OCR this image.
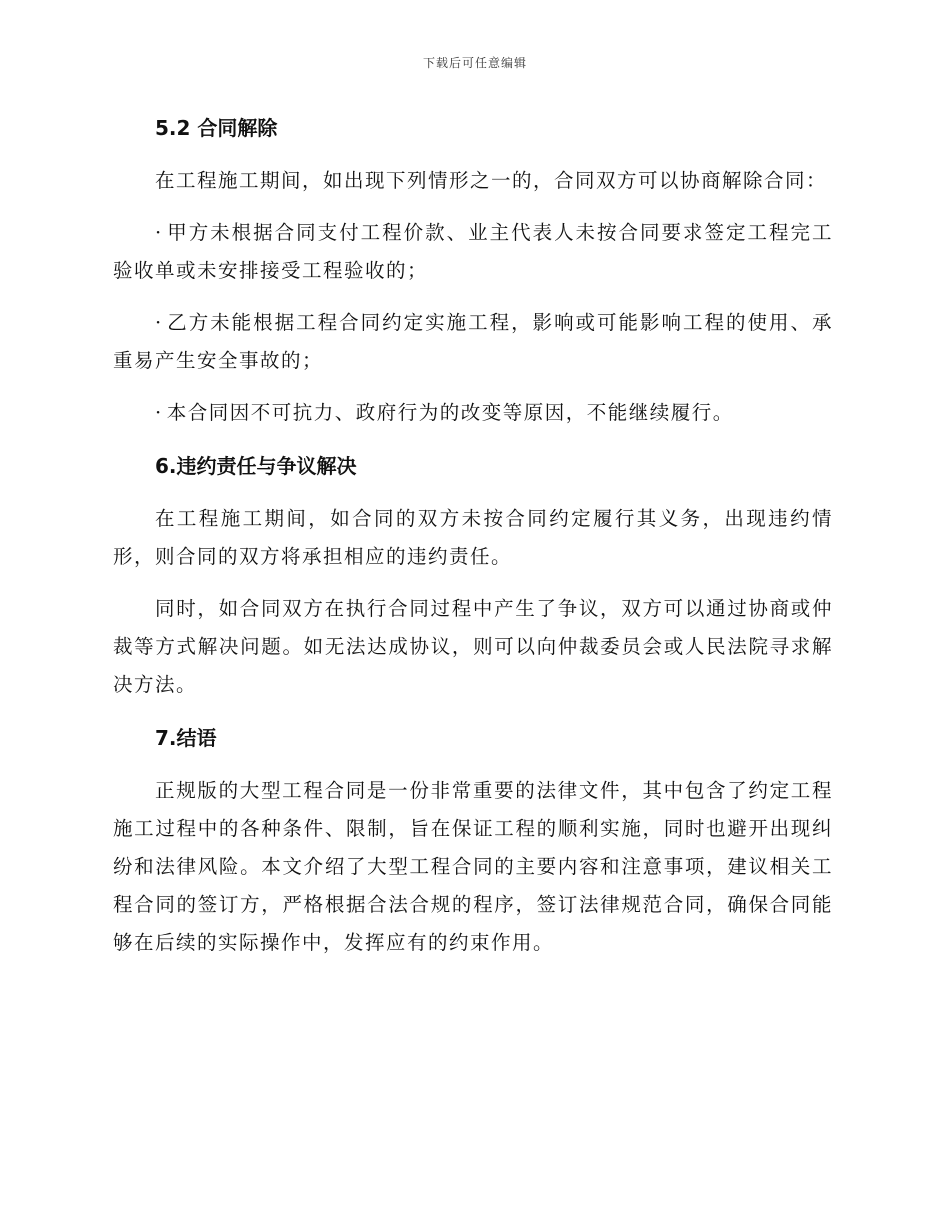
下载后可任意编辑
5.2 合同解除
在工程施工期间，如出现下列情形之一的，合同双方可以协商解除合同：
· 甲方未根据合同支付工程价款、业主代表人未按合同要求签定工程完工验收单或未安排接受工程验收的；
· 乙方未能根据工程合同约定实施工程，影响或可能影响工程的使用、承重易产生安全事故的；
· 本合同因不可抗力、政府行为的改变等原因，不能继续履行。
6.违约责任与争议解决
在工程施工期间，如合同的双方未按合同约定履行其义务，出现违约情形，则合同的双方将承担相应的违约责任。
同时，如合同双方在执行合同过程中产生了争议，双方可以通过协商或仲裁等方式解决问题。如无法达成协议，则可以向仲裁委员会或人民法院寻求解决方法。
7.结语
正规版的大型工程合同是一份非常重要的法律文件，其中包含了约定工程施工过程中的各种条件、限制，旨在保证工程的顺利实施，同时也避开出现纠纷和法律风险。本文介绍了大型工程合同的主要内容和注意事项，建议相关工程合同的签订方，严格根据合法合规的程序，签订法律规范合同，确保合同能够在后续的实际操作中，发挥应有的约束作用。
